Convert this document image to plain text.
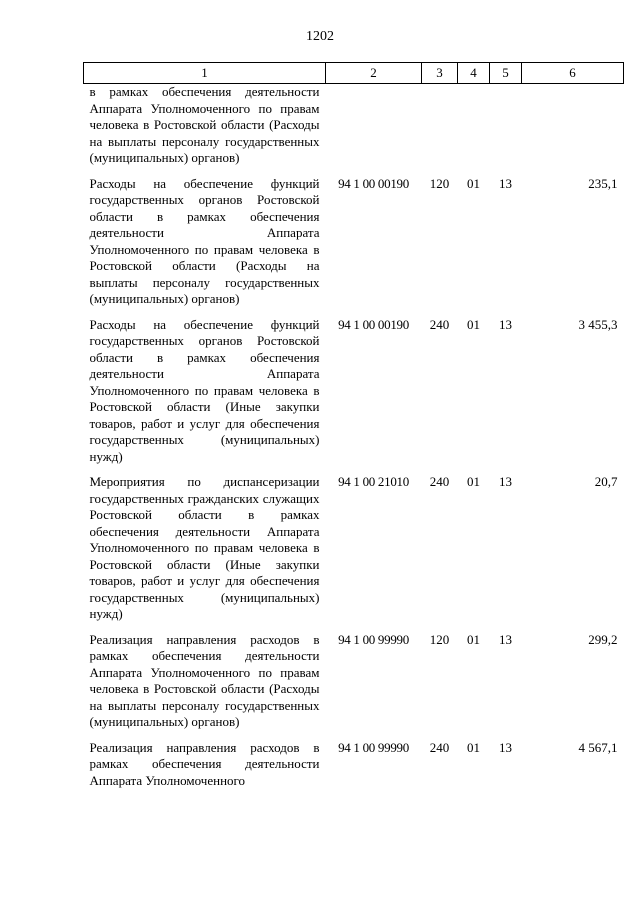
1202
1	2	3	4	5	6
в рамках обеспечения деятельности Аппарата Уполномоченного по правам человека в Ростовской области (Расходы на выплаты персоналу государственных (муниципальных) органов)					
Расходы на обеспечение функций государственных органов Ростовской области в рамках обеспечения деятельности Аппарата Уполномоченного по правам человека в Ростовской области (Расходы на выплаты персоналу государственных (муниципальных) органов)	94 1 00 00190	120	01	13	235,1
Расходы на обеспечение функций государственных органов Ростовской области в рамках обеспечения деятельности Аппарата Уполномоченного по правам человека в Ростовской области (Иные закупки товаров, работ и услуг для обеспечения государственных (муниципальных) нужд)	94 1 00 00190	240	01	13	3 455,3
Мероприятия по диспансеризации государственных гражданских служащих Ростовской области в рамках обеспечения деятельности Аппарата Уполномоченного по правам человека в Ростовской области (Иные закупки товаров, работ и услуг для обеспечения государственных (муниципальных) нужд)	94 1 00 21010	240	01	13	20,7
Реализация направления расходов в рамках обеспечения деятельности Аппарата Уполномоченного по правам человека в Ростовской области (Расходы на выплаты персоналу государственных (муниципальных) органов)	94 1 00 99990	120	01	13	299,2
Реализация направления расходов в рамках обеспечения деятельности Аппарата Уполномоченного	94 1 00 99990	240	01	13	4 567,1
